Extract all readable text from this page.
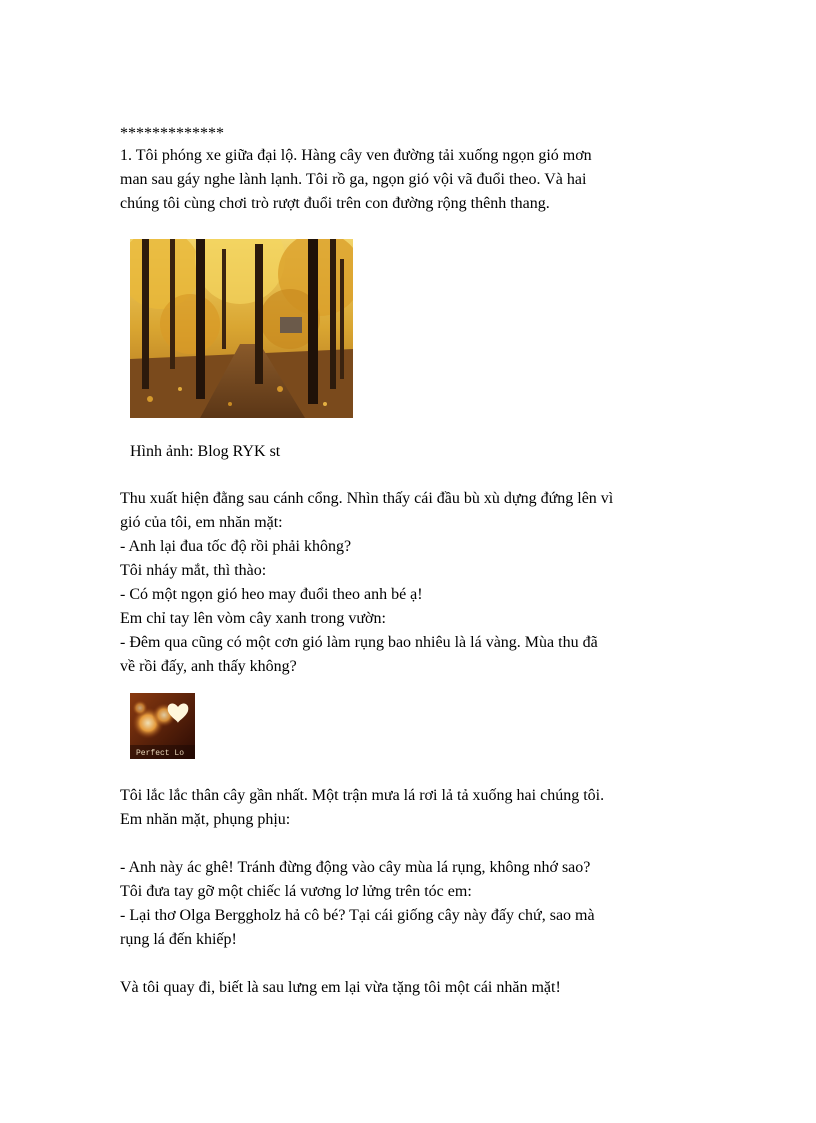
*************
1. Tôi phóng xe giữa đại lộ. Hàng cây ven đường tải xuống ngọn gió mơn
man sau gáy nghe lành lạnh. Tôi rồ ga, ngọn gió vội vã đuổi theo. Và hai
chúng tôi cùng chơi trò rượt đuổi trên con đường rộng thênh thang.
Hình ảnh: Blog RYK st
Thu xuất hiện đằng sau cánh cổng. Nhìn thấy cái đầu bù xù dựng đứng lên vì
gió của tôi, em nhăn mặt:
- Anh lại đua tốc độ rồi phải không?
Tôi nháy mắt, thì thào:
- Có một ngọn gió heo may đuổi theo anh bé ạ!
Em chỉ tay lên vòm cây xanh trong vườn:
- Đêm qua cũng có một cơn gió làm rụng bao nhiêu là lá vàng. Mùa thu đã
về rồi đấy, anh thấy không?
Perfect Lo
Tôi lắc lắc thân cây gần nhất. Một trận mưa lá rơi lả tả xuống hai chúng tôi.
Em nhăn mặt, phụng phịu:
- Anh này ác ghê! Tránh đừng động vào cây mùa lá rụng, không nhớ sao?
Tôi đưa tay gỡ một chiếc lá vương lơ lửng trên tóc em:
- Lại thơ Olga Berggholz hả cô bé? Tại cái giống cây này đấy chứ, sao mà
rụng lá đến khiếp!
Và tôi quay đi, biết là sau lưng em lại vừa tặng tôi một cái nhăn mặt!
